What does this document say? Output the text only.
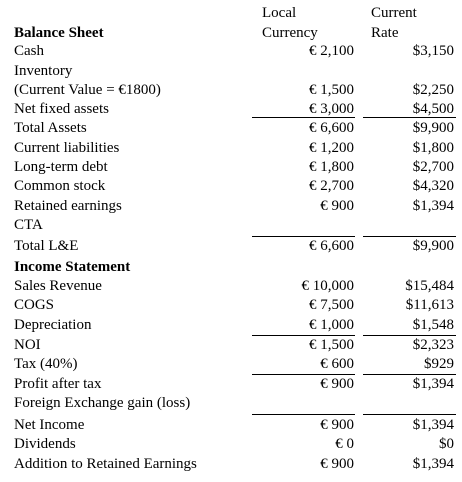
Local
Currency
Current
Rate
Balance Sheet
Cash	€ 2,100	$3,150
Inventory
(Current Value = €1800)	€ 1,500	$2,250
Net fixed assets	€ 3,000	$4,500
Total Assets	€ 6,600	$9,900
Current liabilities	€ 1,200	$1,800
Long-term debt	€ 1,800	$2,700
Common stock	€ 2,700	$4,320
Retained earnings	€ 900	$1,394
CTA
Total L&E	€ 6,600	$9,900
Income Statement
Sales Revenue	€ 10,000	$15,484
COGS	€ 7,500	$11,613
Depreciation	€ 1,000	$1,548
NOI	€ 1,500	$2,323
Tax (40%)	€ 600	$929
Profit after tax	€ 900	$1,394
Foreign Exchange gain (loss)
Net Income	€ 900	$1,394
Dividends	€ 0	$0
Addition to Retained Earnings	€ 900	$1,394
